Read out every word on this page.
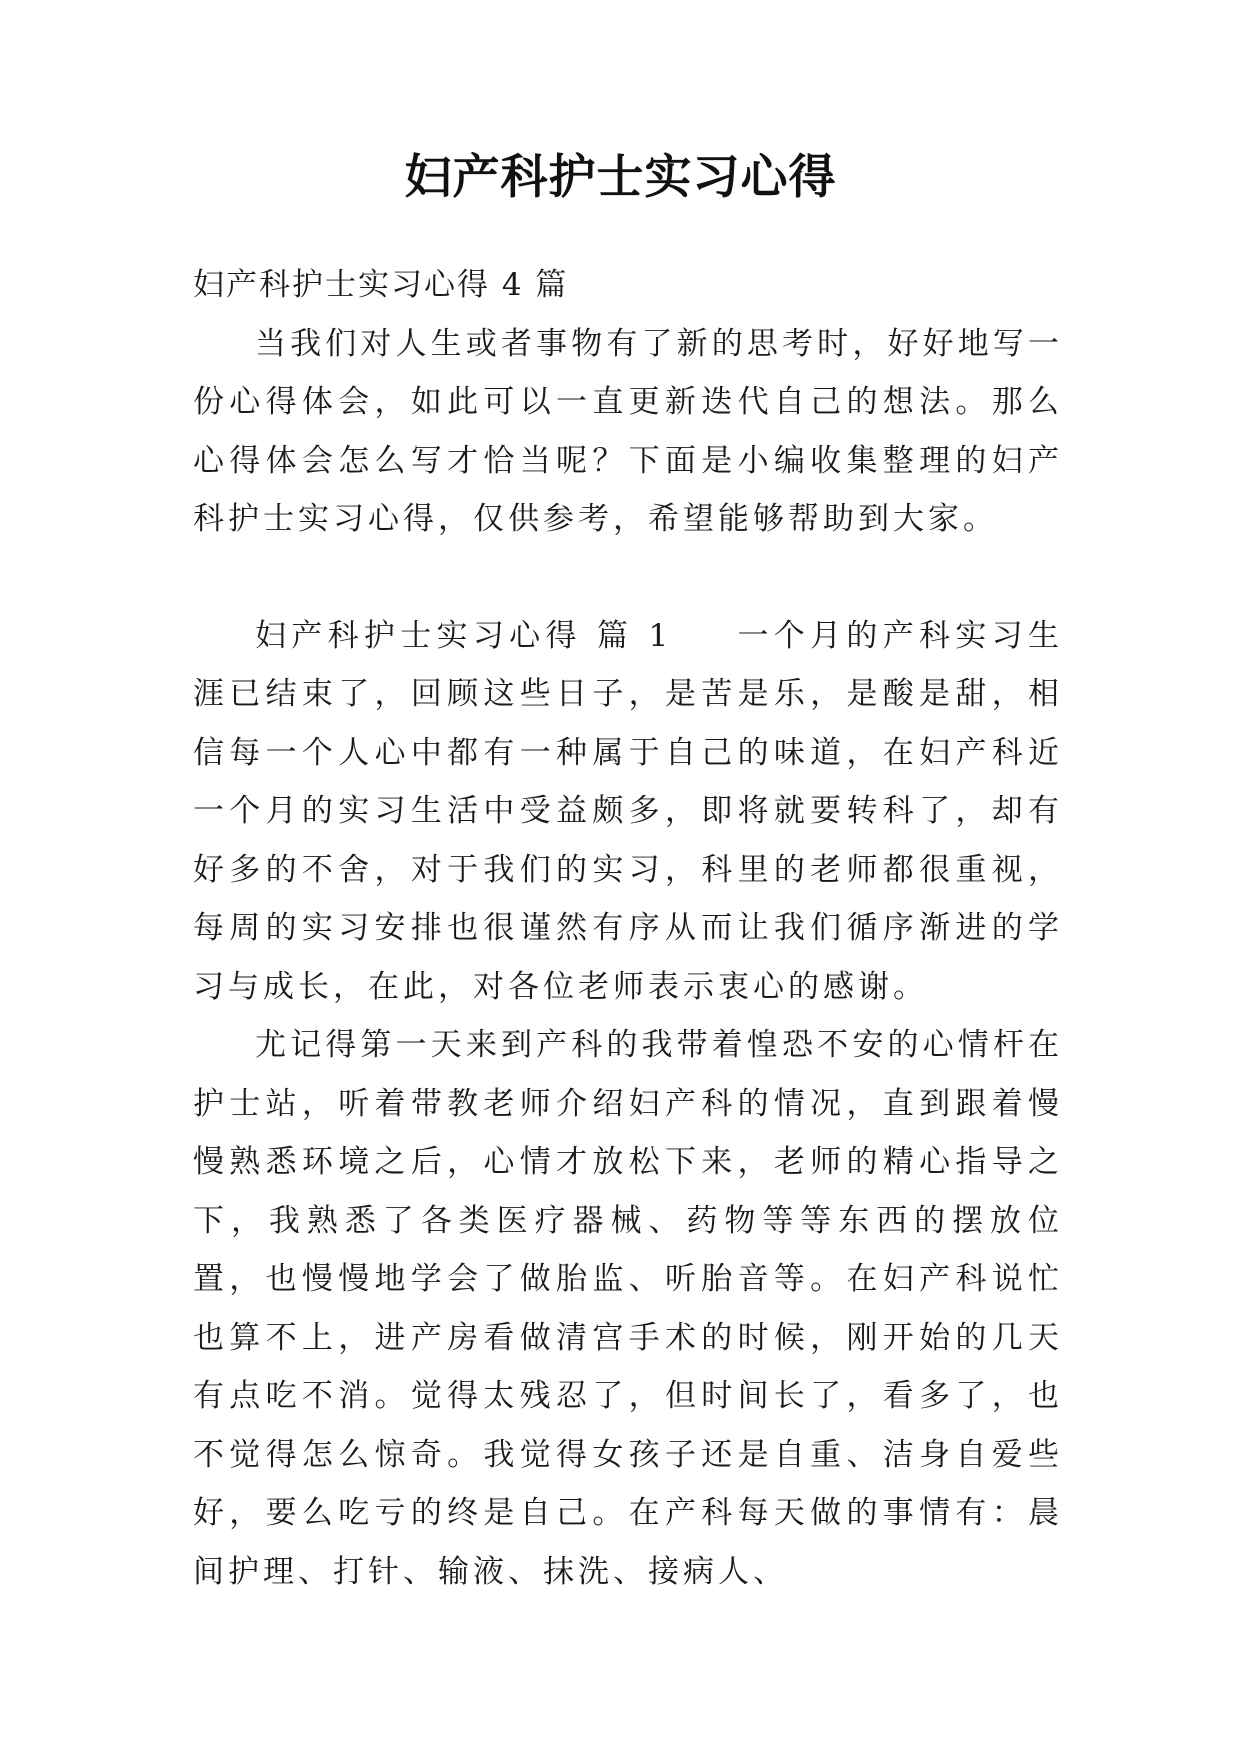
妇产科护士实习心得

妇产科护士实习心得 4 篇

当我们对人生或者事物有了新的思考时，好好地写一份心得体会，如此可以一直更新迭代自己的想法。那么心得体会怎么写才恰当呢？下面是小编收集整理的妇产科护士实习心得，仅供参考，希望能够帮助到大家。

妇产科护士实习心得 篇 1 一个月的产科实习生涯已结束了，回顾这些日子，是苦是乐，是酸是甜，相信每一个人心中都有一种属于自己的味道，在妇产科近一个月的实习生活中受益颇多，即将就要转科了，却有好多的不舍，对于我们的实习，科里的老师都很重视，每周的实习安排也很谨然有序从而让我们循序渐进的学习与成长，在此，对各位老师表示衷心的感谢。

尤记得第一天来到产科的我带着惶恐不安的心情杆在护士站，听着带教老师介绍妇产科的情况，直到跟着慢慢熟悉环境之后，心情才放松下来，老师的精心指导之下，我熟悉了各类医疗器械、药物等等东西的摆放位置，也慢慢地学会了做胎监、听胎音等。在妇产科说忙也算不上，进产房看做清宫手术的时候，刚开始的几天有点吃不消。觉得太残忍了，但时间长了，看多了，也不觉得怎么惊奇。我觉得女孩子还是自重、洁身自爱些好，要么吃亏的终是自己。在产科每天做的事情有：晨间护理、打针、输液、抹洗、接病人、
